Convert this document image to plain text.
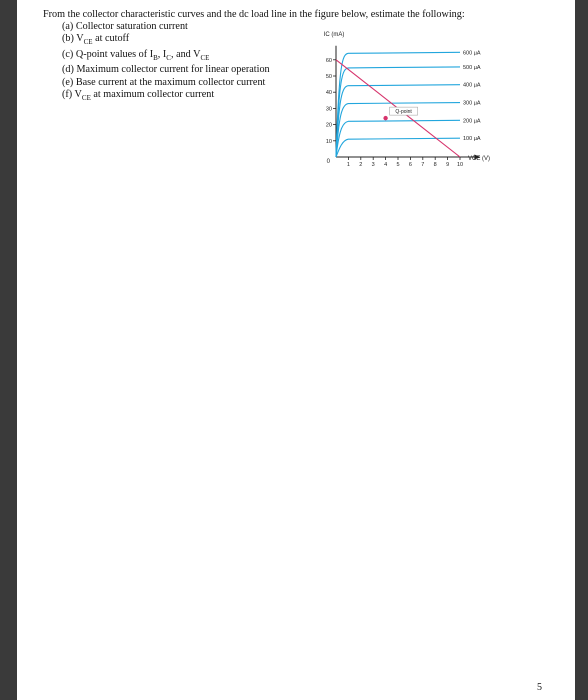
From the collector characteristic curves and the dc load line in the figure below, estimate the following:
(a) Collector saturation current
(b) $V_{CE}$ at cutoff
(c) Q-point values of $I_B$, $I_C$, and $V_{CE}$
(d) Maximum collector current for linear operation
(e) Base current at the maximum collector current
(f) $V_{CE}$ at maximum collector current
IC (mA)
VCE (V)
0
10
20
30
40
50
60
1 2 3 4 5 6 7 8 9 10
600 µA
500 µA
400 µA
300 µA
200 µA
100 µA
Q-point
5
